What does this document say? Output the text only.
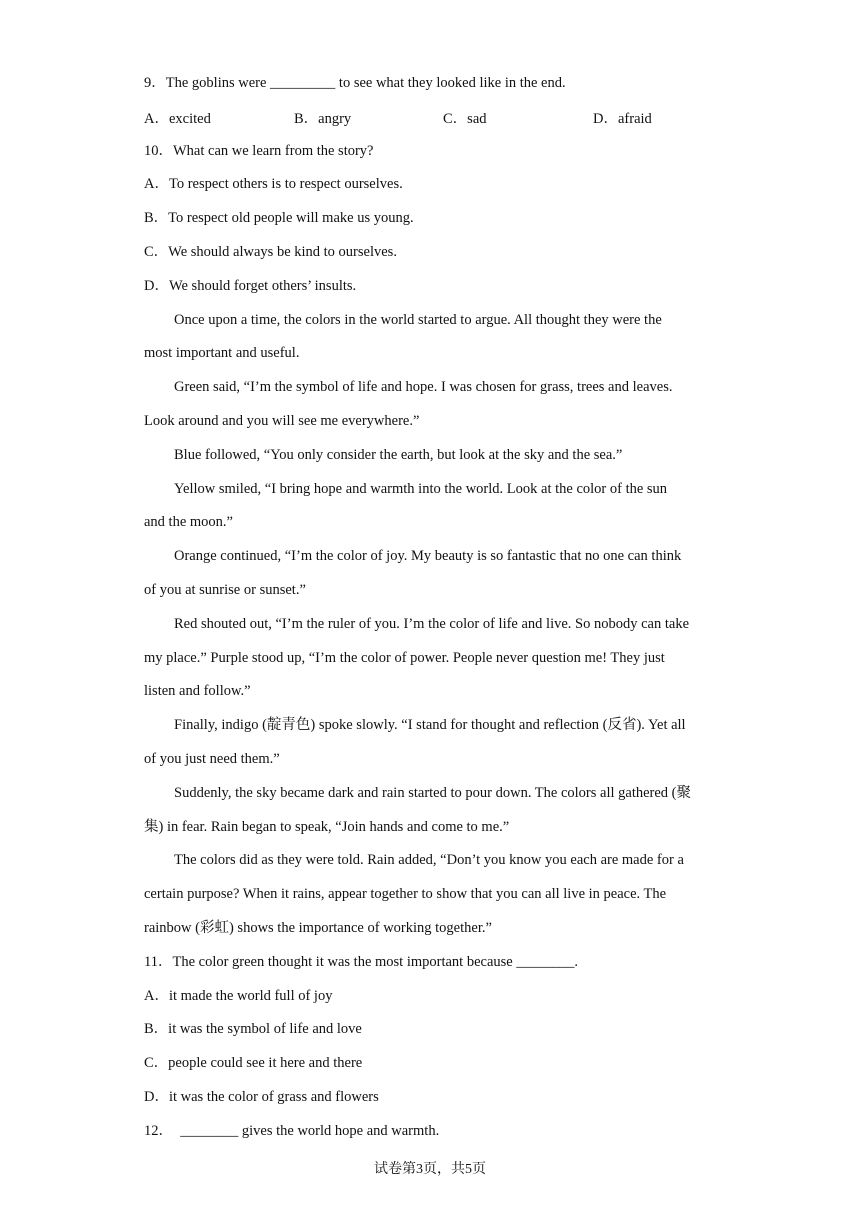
9．The goblins were _________ to see what they looked like in the end.
A．excited	B．angry	C．sad	D．afraid
10．What can we learn from the story?
A．To respect others is to respect ourselves.
B．To respect old people will make us young.
C．We should always be kind to ourselves.
D．We should forget others’ insults.
Once upon a time, the colors in the world started to argue. All thought they were the
most important and useful.
Green said, “I’m the symbol of life and hope. I was chosen for grass, trees and leaves.
Look around and you will see me everywhere.”
Blue followed, “You only consider the earth, but look at the sky and the sea.”
Yellow smiled, “I bring hope and warmth into the world. Look at the color of the sun
and the moon.”
Orange continued, “I’m the color of joy. My beauty is so fantastic that no one can think
of you at sunrise or sunset.”
Red shouted out, “I’m the ruler of you. I’m the color of life and live. So nobody can take
my place.” Purple stood up, “I’m the color of power. People never question me! They just
listen and follow.”
Finally, indigo (靛青色) spoke slowly. “I stand for thought and reflection (反省). Yet all
of you just need them.”
Suddenly, the sky became dark and rain started to pour down. The colors all gathered (聚
集) in fear. Rain began to speak, “Join hands and come to me.”
The colors did as they were told. Rain added, “Don’t you know you each are made for a
certain purpose? When it rains, appear together to show that you can all live in peace. The
rainbow (彩虹) shows the importance of working together.”
11．The color green thought it was the most important because ________.
A．it made the world full of joy
B．it was the symbol of life and love
C．people could see it here and there
D．it was the color of grass and flowers
12．　________ gives the world hope and warmth.
试卷第3页，共5页
